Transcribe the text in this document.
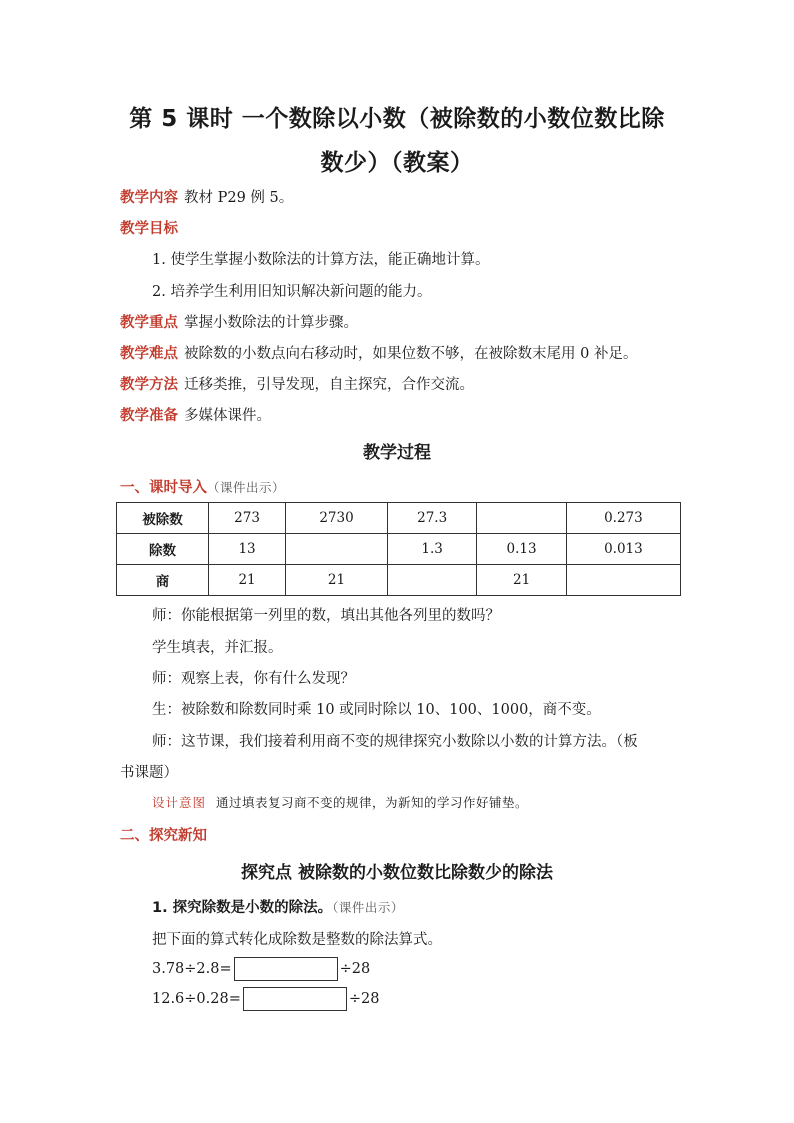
第 5 课时 一个数除以小数（被除数的小数位数比除
数少）（教案）
教学内容 教材 P29 例 5。
教学目标
1. 使学生掌握小数除法的计算方法，能正确地计算。
2. 培养学生利用旧知识解决新问题的能力。
教学重点 掌握小数除法的计算步骤。
教学难点 被除数的小数点向右移动时，如果位数不够，在被除数末尾用 0 补足。
教学方法 迁移类推，引导发现，自主探究，合作交流。
教学准备 多媒体课件。
教学过程
一、课时导入（课件出示）
被除数	273	2730	27.3		0.273
除数	13		1.3	0.13	0.013
商	21	21		21	
师：你能根据第一列里的数，填出其他各列里的数吗？
学生填表，并汇报。
师：观察上表，你有什么发现？
生：被除数和除数同时乘 10 或同时除以 10、100、1000，商不变。
师：这节课，我们接着利用商不变的规律探究小数除以小数的计算方法。（板
书课题）
设计意图 通过填表复习商不变的规律，为新知的学习作好铺垫。
二、探究新知
探究点 被除数的小数位数比除数少的除法
1. 探究除数是小数的除法。（课件出示）
把下面的算式转化成除数是整数的除法算式。
3.78÷2.8=	÷28
12.6÷0.28=	÷28
